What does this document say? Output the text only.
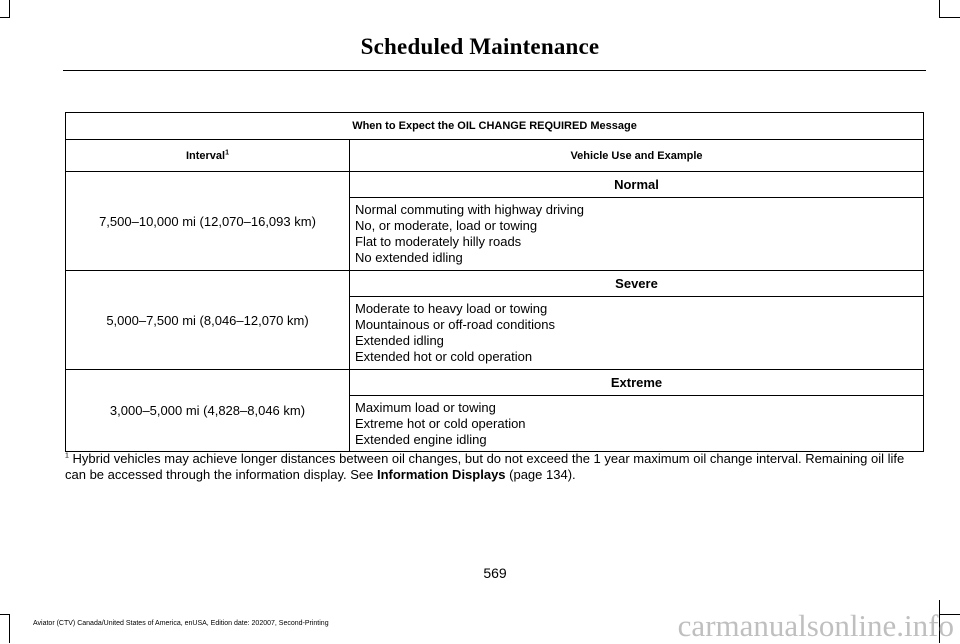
Scheduled Maintenance
When to Expect the OIL CHANGE REQUIRED Message	
Interval$^1$	Vehicle Use and Example
7,500–10,000 mi (12,070–16,093 km)	Normal

	Normal commuting with highway driving
No, or moderate, load or towing
Flat to moderately hilly roads
No extended idling

5,000–7,500 mi (8,046–12,070 km)	Severe

	Moderate to heavy load or towing
Mountainous or off-road conditions
Extended idling
Extended hot or cold operation

3,000–5,000 mi (4,828–8,046 km)	Extreme

	Maximum load or towing
Extreme hot or cold operation
Extended engine idling
$^1$ Hybrid vehicles may achieve longer distances between oil changes, but do not exceed the 1 year maximum oil change interval. Remaining oil life can be accessed through the information display. See Information Displays (page 134).
569
Aviator (CTV) Canada/United States of America, enUSA, Edition date: 202007, Second-Printing	carmanualsonline.info
